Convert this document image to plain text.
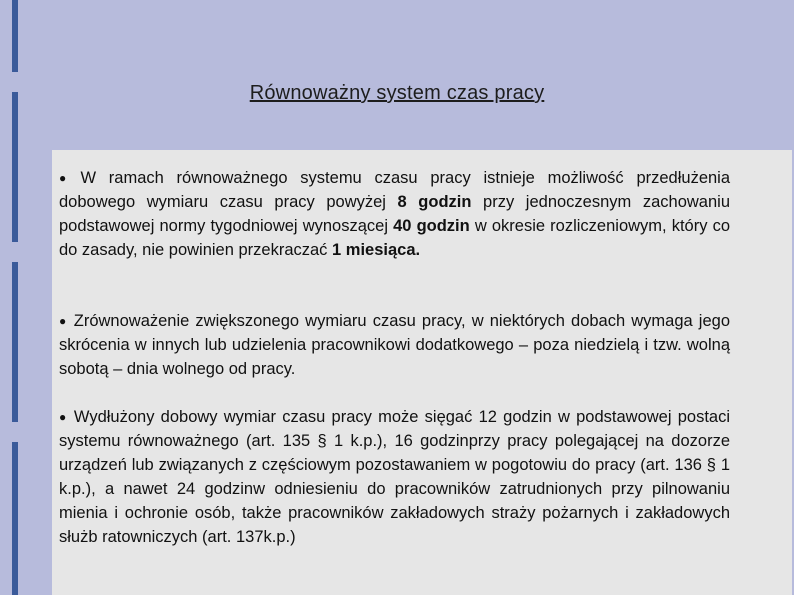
Równoważny system czas pracy
● W ramach równoważnego systemu czasu pracy istnieje możliwość przedłużenia dobowego wymiaru czasu pracy powyżej 8 godzin przy jednoczesnym zachowaniu podstawowej normy tygodniowej wynoszącej 40 godzin w okresie rozliczeniowym, który co do zasady, nie powinien przekraczać 1 miesiąca.
● Zrównoważenie zwiększonego wymiaru czasu pracy, w niektórych dobach wymaga jego skrócenia w innych lub udzielenia pracownikowi dodatkowego – poza niedzielą i tzw. wolną sobotą – dnia wolnego od pracy.
● Wydłużony dobowy wymiar czasu pracy może sięgać 12 godzin w podstawowej postaci systemu równoważnego (art. 135 § 1 k.p.), 16 godzinprzy pracy polegającej na dozorze urządzeń lub związanych z częściowym pozostawaniem w pogotowiu do pracy (art. 136 § 1 k.p.), a nawet 24 godzinw odniesieniu do pracowników zatrudnionych przy pilnowaniu mienia i ochronie osób, także pracowników zakładowych straży pożarnych i zakładowych służb ratowniczych (art. 137k.p.)
